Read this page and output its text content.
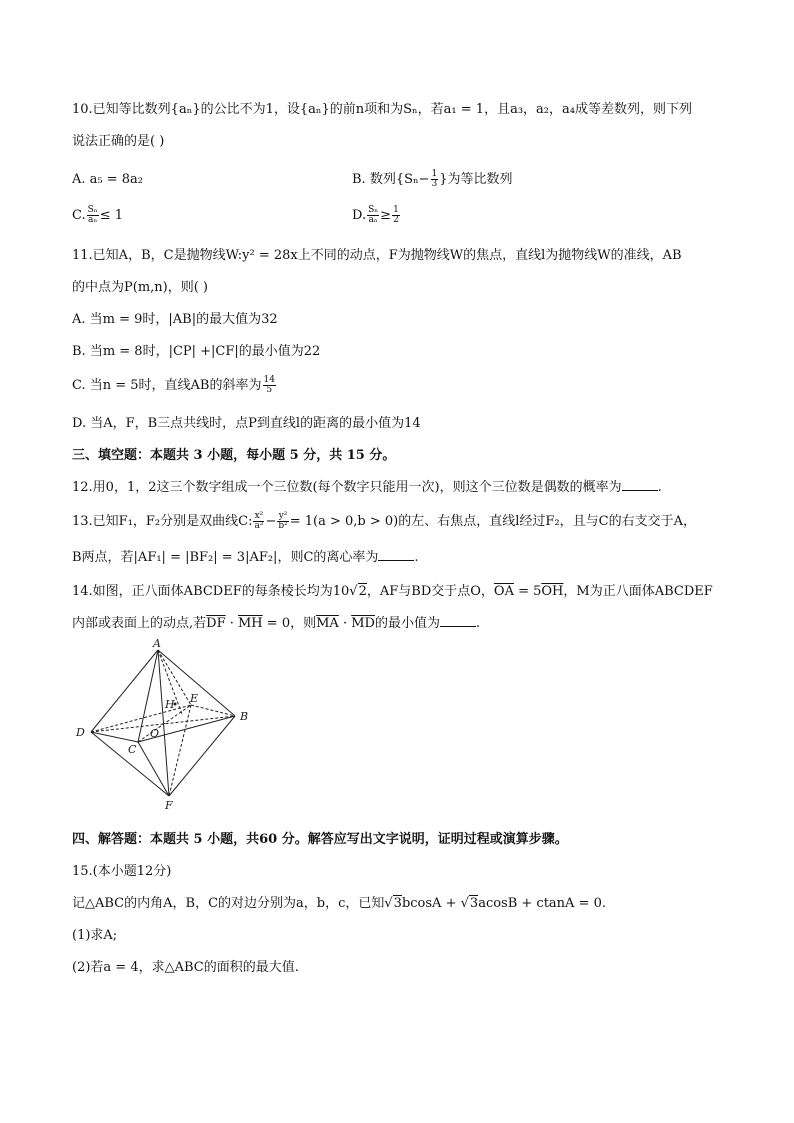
10.已知等比数列{aₙ}的公比不为1，设{aₙ}的前n项和为Sₙ，若a₁ = 1，且a₃，a₂，a₄成等差数列，则下列
说法正确的是( )
A. a₅ = 8a₂	B. 数列{$S_n- \frac{1}{3}$ }为等比数列
C. $\frac{\text{Sₙ}}{\text{aₙ}} \le 1$	D. $\frac{\text{Sₙ}}{\text{aₙ}} \ge \frac{1}{2}$
11.已知A，B，C是抛物线W:y² = 28x上不同的动点，F为抛物线W的焦点，直线l为抛物线W的准线，AB
的中点为P(m,n)，则( )
A. 当m = 9时，|AB|的最大值为32
B. 当m = 8时，|CP| +|CF|的最小值为22
C. 当n = 5时，直线AB的斜率为 $\frac{14}{5}$
D. 当A，F，B三点共线时，点P到直线l的距离的最小值为14
三、填空题：本题共 3 小题，每小题 5 分，共 15 分。
12.用0，1，2这三个数字组成一个三位数(每个数字只能用一次)，则这个三位数是偶数的概率为	.
13.已知F₁，F₂分别是双曲线C: $\frac{\text{x²}}{\text{a²}} - \frac{\text{y²}}{\text{b²}} = 1(a > 0,b > 0)$的左、右焦点，直线l经过F₂，且与C的右支交于A，
B两点，若|AF₁| = |BF₂| = 3|AF₂|，则C的离心率为	.
14.如图，正八面体ABCDEF的每条棱长均为10√2，AF与BD交于点O，$\overline{OA} = 5\overline{OH}$，M为正八面体ABCDEF
内部或表面上的动点,若$\overline{DF} \cdot \overline{MH} = 0$，则$\overline{MA} \cdot \overline{MD}$的最小值为	.
四、解答题：本题共 5 小题，共60 分。解答应写出文字说明，证明过程或演算步骤。
15.(本小题12分)
记△ABC的内角A，B，C的对边分别为a，b，c，已知√3bcosA + √3acosB + ctanA = 0.
(1)求A;
(2)若a = 4，求△ABC的面积的最大值.
A
B
C
D
E
F
H
O
